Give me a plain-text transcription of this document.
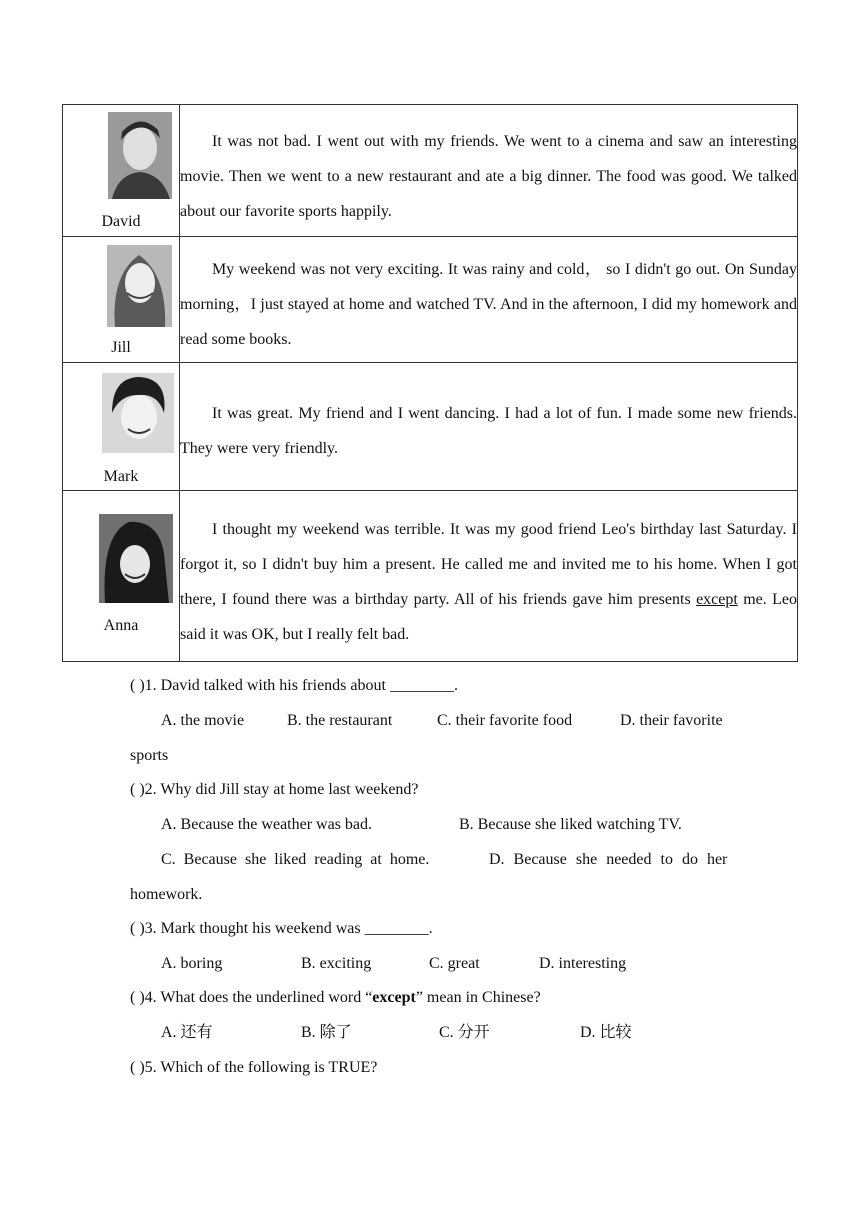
David	It was not bad. I went out with my friends. We went to a cinema and saw an interesting movie. Then we went to a new restaurant and ate a big dinner. The food was good. We talked about our favorite sports happily.

Jill	My weekend was not very exciting. It was rainy and cold， so I didn't go out. On Sunday morning，I just stayed at home and watched TV. And in the afternoon, I did my homework and read some books.

Mark	It was great. My friend and I went dancing. I had a lot of fun. I made some new friends. They were very friendly.

Anna	I thought my weekend was terrible. It was my good friend Leo's birthday last Saturday. I forgot it, so I didn't buy him a present. He called me and invited me to his home. When I got there, I found there was a birthday party. All of his friends gave him presents except me. Leo said it was OK, but I really felt bad.

( )1. David talked with his friends about ________.
A. the movie	B. the restaurant	C. their favorite food	D. their favorite
sports
( )2. Why did Jill stay at home last weekend?
A. Because the weather was bad.	B. Because she liked watching TV.
C. Because she liked reading at home.	D. Because she needed to do her
homework.
( )3. Mark thought his weekend was ________.
A. boring	B. exciting	C. great	D. interesting
( )4. What does the underlined word “except” mean in Chinese?
A. 还有	B. 除了	C. 分开	D. 比较
( )5. Which of the following is TRUE?
